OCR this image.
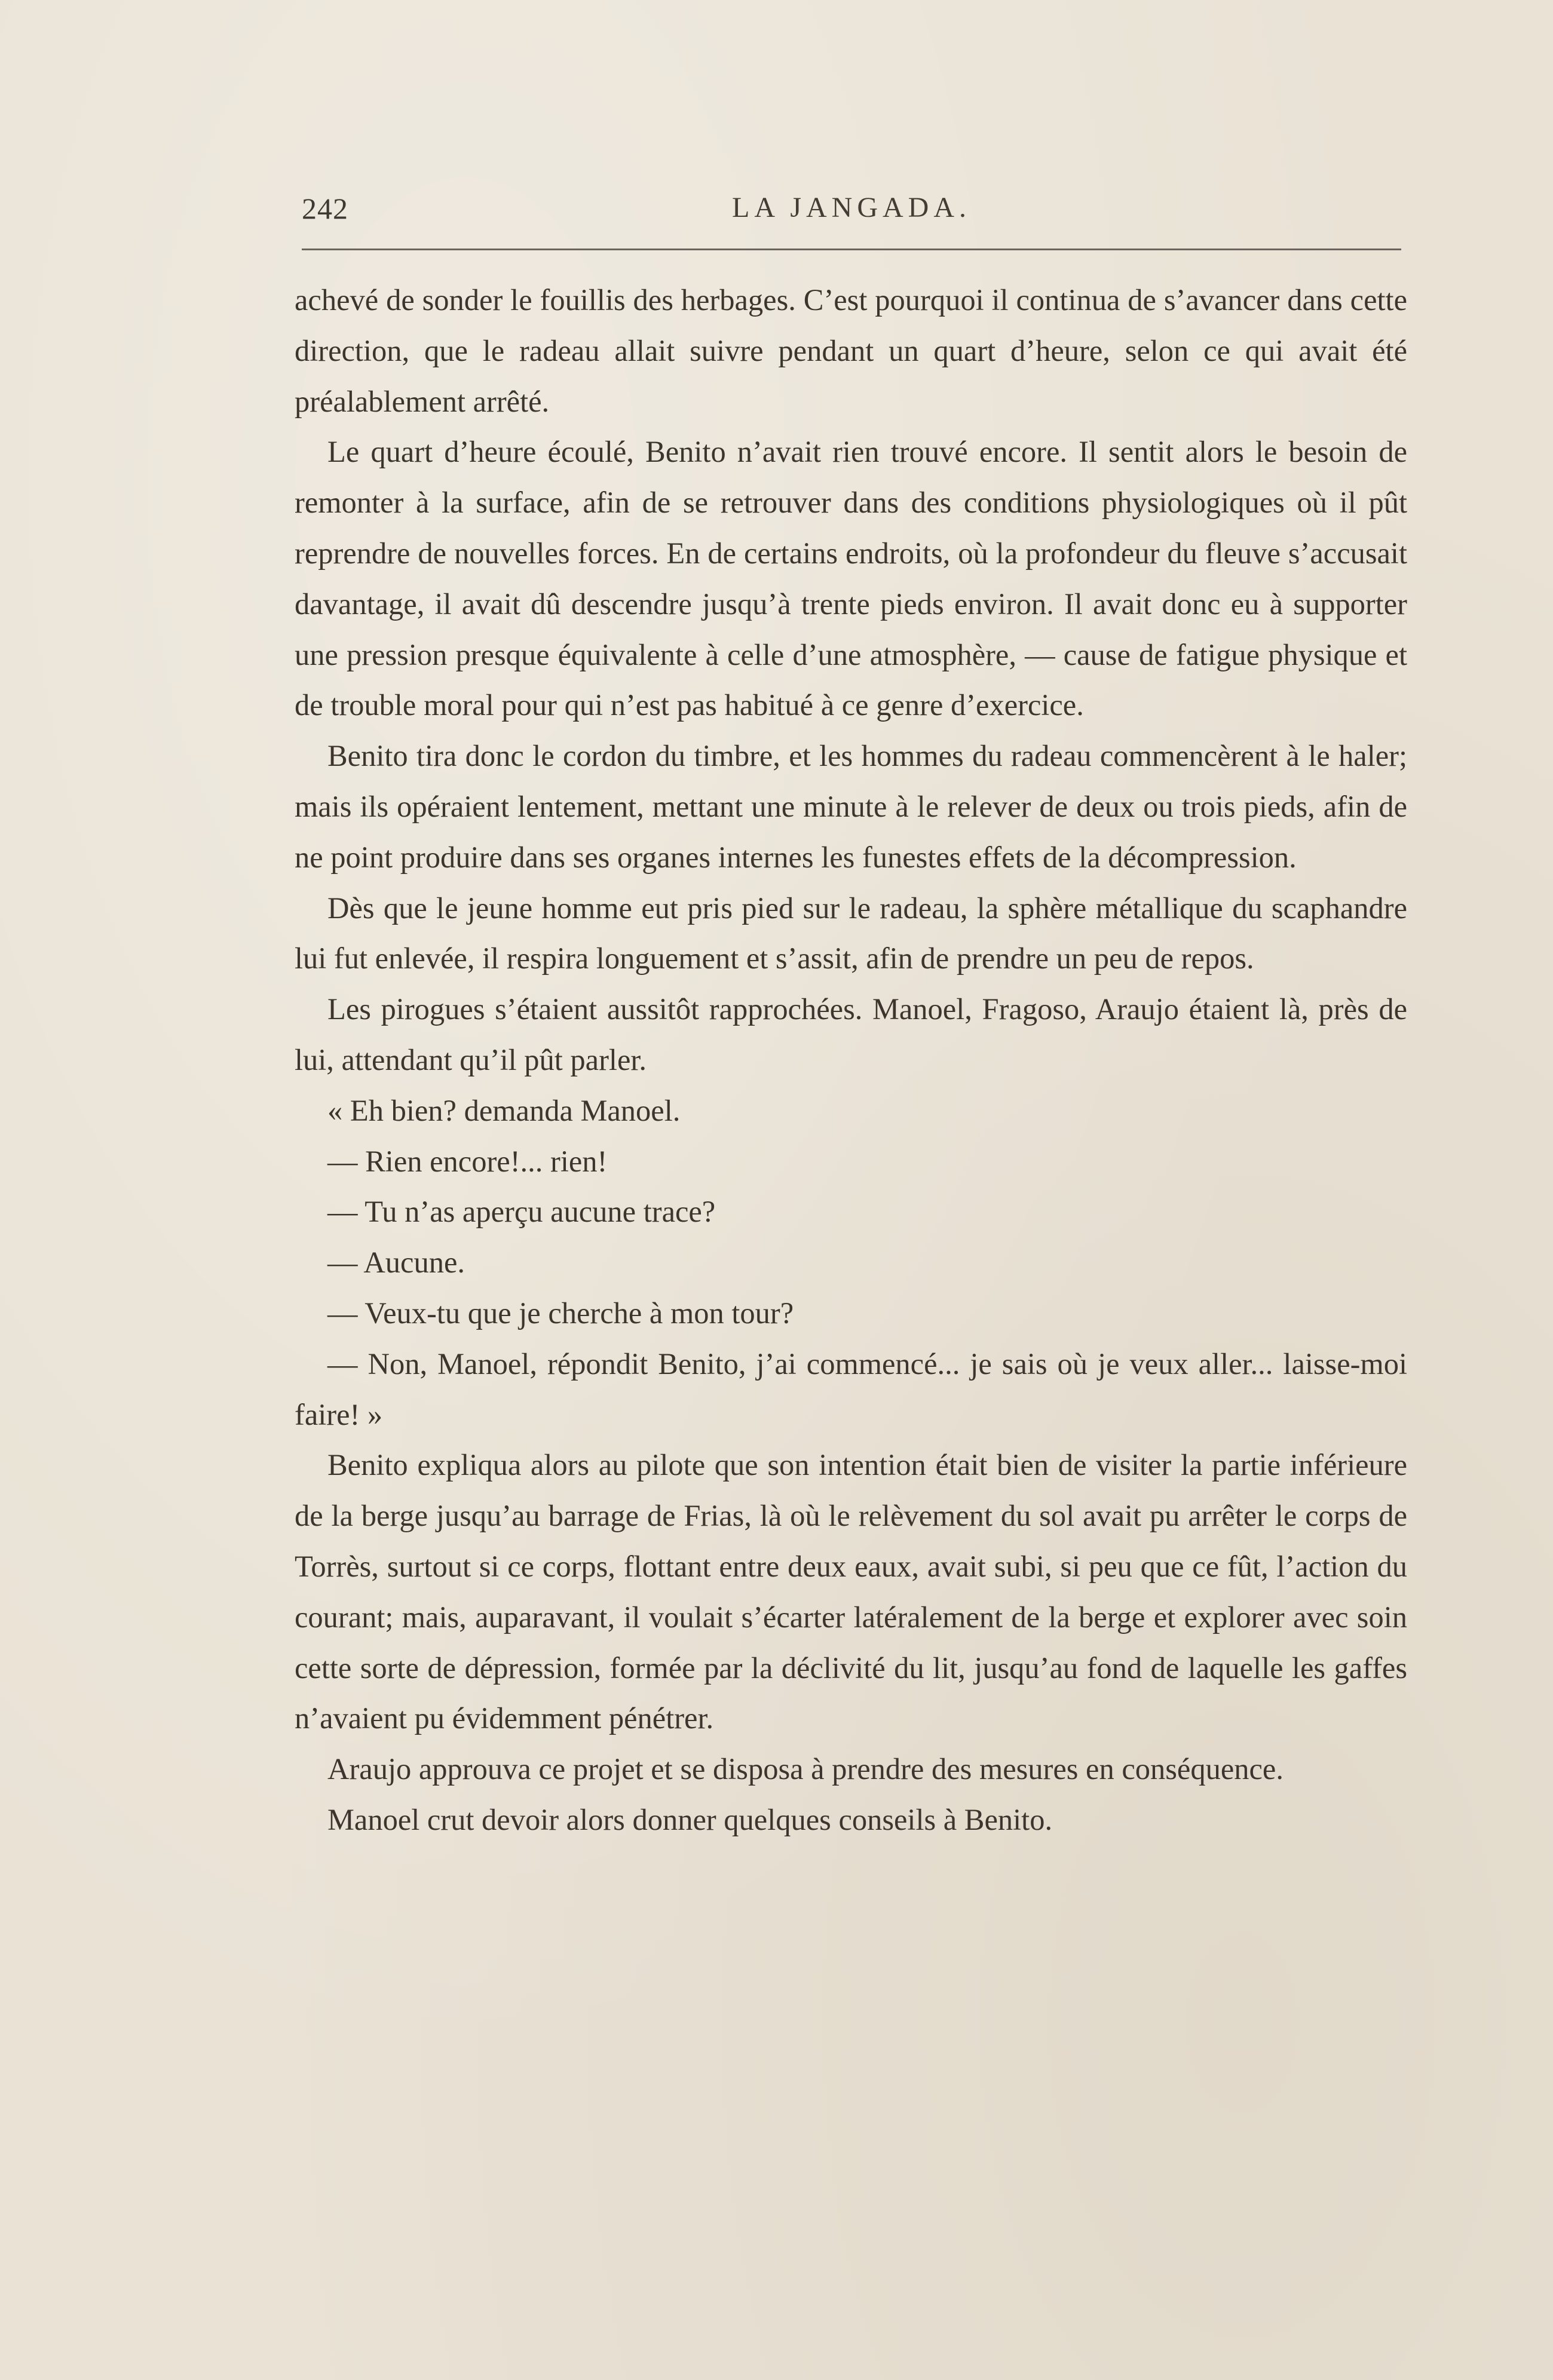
242	LA JANGADA.

achevé de sonder le fouillis des herbages. C’est pourquoi il continua de s’avancer dans cette direction, que le radeau allait suivre pendant un quart d’heure, selon ce qui avait été préalablement arrêté.

Le quart d’heure écoulé, Benito n’avait rien trouvé encore. Il sentit alors le besoin de remonter à la surface, afin de se retrouver dans des conditions physiologiques où il pût reprendre de nouvelles forces. En de certains endroits, où la profondeur du fleuve s’accusait davantage, il avait dû descendre jusqu’à trente pieds environ. Il avait donc eu à supporter une pression presque équivalente à celle d’une atmosphère, — cause de fatigue physique et de trouble moral pour qui n’est pas habitué à ce genre d’exercice.

Benito tira donc le cordon du timbre, et les hommes du radeau commencèrent à le haler; mais ils opéraient lentement, mettant une minute à le relever de deux ou trois pieds, afin de ne point produire dans ses organes internes les funestes effets de la décompression.

Dès que le jeune homme eut pris pied sur le radeau, la sphère métallique du scaphandre lui fut enlevée, il respira longuement et s’assit, afin de prendre un peu de repos.

Les pirogues s’étaient aussitôt rapprochées. Manoel, Fragoso, Araujo étaient là, près de lui, attendant qu’il pût parler.

« Eh bien? demanda Manoel.

— Rien encore!... rien!

— Tu n’as aperçu aucune trace?

— Aucune.

— Veux-tu que je cherche à mon tour?

— Non, Manoel, répondit Benito, j’ai commencé... je sais où je veux aller... laisse-moi faire! »

Benito expliqua alors au pilote que son intention était bien de visiter la partie inférieure de la berge jusqu’au barrage de Frias, là où le relèvement du sol avait pu arrêter le corps de Torrès, surtout si ce corps, flottant entre deux eaux, avait subi, si peu que ce fût, l’action du courant; mais, auparavant, il voulait s’écarter latéralement de la berge et explorer avec soin cette sorte de dépression, formée par la déclivité du lit, jusqu’au fond de laquelle les gaffes n’avaient pu évidemment pénétrer.

Araujo approuva ce projet et se disposa à prendre des mesures en conséquence.

Manoel crut devoir alors donner quelques conseils à Benito.
